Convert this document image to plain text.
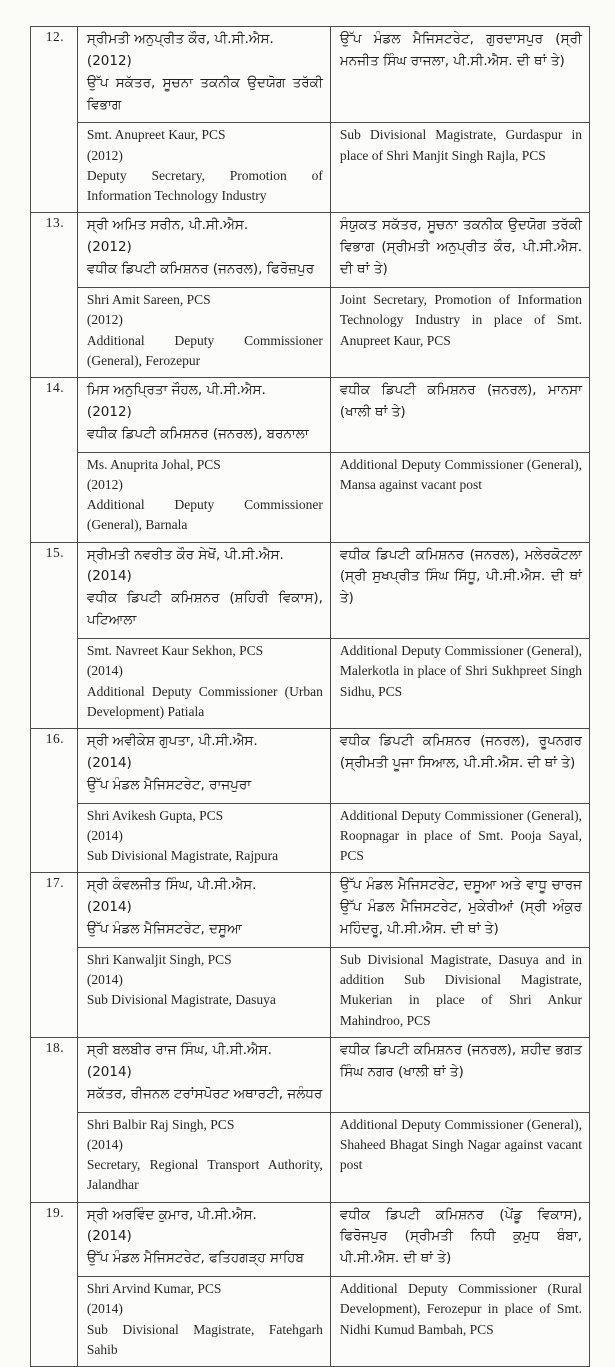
12.	ਸ੍ਰੀਮਤੀ ਅਨੁਪ੍ਰੀਤ ਕੌਰ, ਪੀ.ਸੀ.ਐਸ.
(2012)
ਉੱਪ ਸਕੱਤਰ, ਸੂਚਨਾ ਤਕਨੀਕ ਉਦਯੋਗ ਤਰੱਕੀ ਵਿਭਾਗ	ਉੱਪ ਮੰਡਲ ਮੈਜਿਸਟਰੇਟ, ਗੁਰਦਾਸਪੁਰ (ਸ੍ਰੀ ਮਨਜੀਤ ਸਿੰਘ ਰਾਜਲਾ, ਪੀ.ਸੀ.ਐਸ. ਦੀ ਥਾਂ ਤੇ)

	Smt. Anupreet Kaur, PCS
(2012)
Deputy Secretary, Promotion of Information Technology Industry	Sub Divisional Magistrate, Gurdaspur in place of Shri Manjit Singh Rajla, PCS

13.	ਸ੍ਰੀ ਅਮਿਤ ਸਰੀਨ, ਪੀ.ਸੀ.ਐਸ.
(2012)
ਵਧੀਕ ਡਿਪਟੀ ਕਮਿਸ਼ਨਰ (ਜਨਰਲ), ਫਿਰੋਜ਼ਪੁਰ	ਸੰਯੁਕਤ ਸਕੱਤਰ, ਸੂਚਨਾ ਤਕਨੀਕ ਉਦਯੋਗ ਤਰੱਕੀ ਵਿਭਾਗ (ਸ੍ਰੀਮਤੀ ਅਨੁਪ੍ਰੀਤ ਕੌਰ, ਪੀ.ਸੀ.ਐਸ. ਦੀ ਥਾਂ ਤੇ)

	Shri Amit Sareen, PCS
(2012)
Additional Deputy Commissioner (General), Ferozepur	Joint Secretary, Promotion of Information Technology Industry in place of Smt. Anupreet Kaur, PCS

14.	ਮਿਸ ਅਨੁਪ੍ਰਿਤਾ ਜੌਹਲ, ਪੀ.ਸੀ.ਐਸ.
(2012)
ਵਧੀਕ ਡਿਪਟੀ ਕਮਿਸ਼ਨਰ (ਜਨਰਲ), ਬਰਨਾਲਾ	ਵਧੀਕ ਡਿਪਟੀ ਕਮਿਸ਼ਨਰ (ਜਨਰਲ), ਮਾਨਸਾ (ਖਾਲੀ ਥਾਂ ਤੇ)

	Ms. Anuprita Johal, PCS
(2012)
Additional Deputy Commissioner (General), Barnala	Additional Deputy Commissioner (General), Mansa against vacant post

15.	ਸ੍ਰੀਮਤੀ ਨਵਰੀਤ ਕੌਰ ਸੇਖੋਂ, ਪੀ.ਸੀ.ਐਸ.
(2014)
ਵਧੀਕ ਡਿਪਟੀ ਕਮਿਸ਼ਨਰ (ਸ਼ਹਿਰੀ ਵਿਕਾਸ), ਪਟਿਆਲਾ	ਵਧੀਕ ਡਿਪਟੀ ਕਮਿਸ਼ਨਰ (ਜਨਰਲ), ਮਲੇਰਕੋਟਲਾ (ਸ੍ਰੀ ਸੁਖਪ੍ਰੀਤ ਸਿੰਘ ਸਿੱਧੂ, ਪੀ.ਸੀ.ਐਸ. ਦੀ ਥਾਂ ਤੇ)

	Smt. Navreet Kaur Sekhon, PCS
(2014)
Additional Deputy Commissioner (Urban Development) Patiala	Additional Deputy Commissioner (General), Malerkotla in place of Shri Sukhpreet Singh Sidhu, PCS

16.	ਸ੍ਰੀ ਅਵੀਕੇਸ਼ ਗੁਪਤਾ, ਪੀ.ਸੀ.ਐਸ.
(2014)
ਉੱਪ ਮੰਡਲ ਮੈਜਿਸਟਰੇਟ, ਰਾਜਪੁਰਾ	ਵਧੀਕ ਡਿਪਟੀ ਕਮਿਸ਼ਨਰ (ਜਨਰਲ), ਰੂਪਨਗਰ (ਸ੍ਰੀਮਤੀ ਪੂਜਾ ਸਿਆਲ, ਪੀ.ਸੀ.ਐਸ. ਦੀ ਥਾਂ ਤੇ)

	Shri Avikesh Gupta, PCS
(2014)
Sub Divisional Magistrate, Rajpura	Additional Deputy Commissioner (General), Roopnagar in place of Smt. Pooja Sayal, PCS

17.	ਸ੍ਰੀ ਕੰਵਲਜੀਤ ਸਿੰਘ, ਪੀ.ਸੀ.ਐਸ.
(2014)
ਉੱਪ ਮੰਡਲ ਮੈਜਿਸਟਰੇਟ, ਦਸੂਆ	ਉੱਪ ਮੰਡਲ ਮੈਜਿਸਟਰੇਟ, ਦਸੂਆ ਅਤੇ ਵਾਧੂ ਚਾਰਜ ਉੱਪ ਮੰਡਲ ਮੈਜਿਸਟਰੇਟ, ਮੁਕੇਰੀਆਂ (ਸ੍ਰੀ ਅੰਕੁਰ ਮਹਿੰਦਰੂ, ਪੀ.ਸੀ.ਐਸ. ਦੀ ਥਾਂ ਤੇ)

	Shri Kanwaljit Singh, PCS
(2014)
Sub Divisional Magistrate, Dasuya	Sub Divisional Magistrate, Dasuya and in addition Sub Divisional Magistrate, Mukerian in place of Shri Ankur Mahindroo, PCS

18.	ਸ੍ਰੀ ਬਲਬੀਰ ਰਾਜ ਸਿੰਘ, ਪੀ.ਸੀ.ਐਸ.
(2014)
ਸਕੱਤਰ, ਰੀਜਨਲ ਟਰਾਂਸਪੋਰਟ ਅਥਾਰਟੀ, ਜਲੰਧਰ	ਵਧੀਕ ਡਿਪਟੀ ਕਮਿਸ਼ਨਰ (ਜਨਰਲ), ਸ਼ਹੀਦ ਭਗਤ ਸਿੰਘ ਨਗਰ (ਖਾਲੀ ਥਾਂ ਤੇ)

	Shri Balbir Raj Singh, PCS
(2014)
Secretary, Regional Transport Authority, Jalandhar	Additional Deputy Commissioner (General), Shaheed Bhagat Singh Nagar against vacant post

19.	ਸ੍ਰੀ ਅਰਵਿੰਦ ਕੁਮਾਰ, ਪੀ.ਸੀ.ਐਸ.
(2014)
ਉੱਪ ਮੰਡਲ ਮੈਜਿਸਟਰੇਟ, ਫਤਿਹਗੜ੍ਹ ਸਾਹਿਬ	ਵਧੀਕ ਡਿਪਟੀ ਕਮਿਸ਼ਨਰ (ਪੇਂਡੂ ਵਿਕਾਸ), ਫਿਰੋਜਪੁਰ (ਸ੍ਰੀਮਤੀ ਨਿਧੀ ਕੁਮੁਧ ਬੰਬਾ, ਪੀ.ਸੀ.ਐਸ. ਦੀ ਥਾਂ ਤੇ)

	Shri Arvind Kumar, PCS
(2014)
Sub Divisional Magistrate, Fatehgarh Sahib	Additional Deputy Commissioner (Rural Development), Ferozepur in place of Smt. Nidhi Kumud Bambah, PCS
